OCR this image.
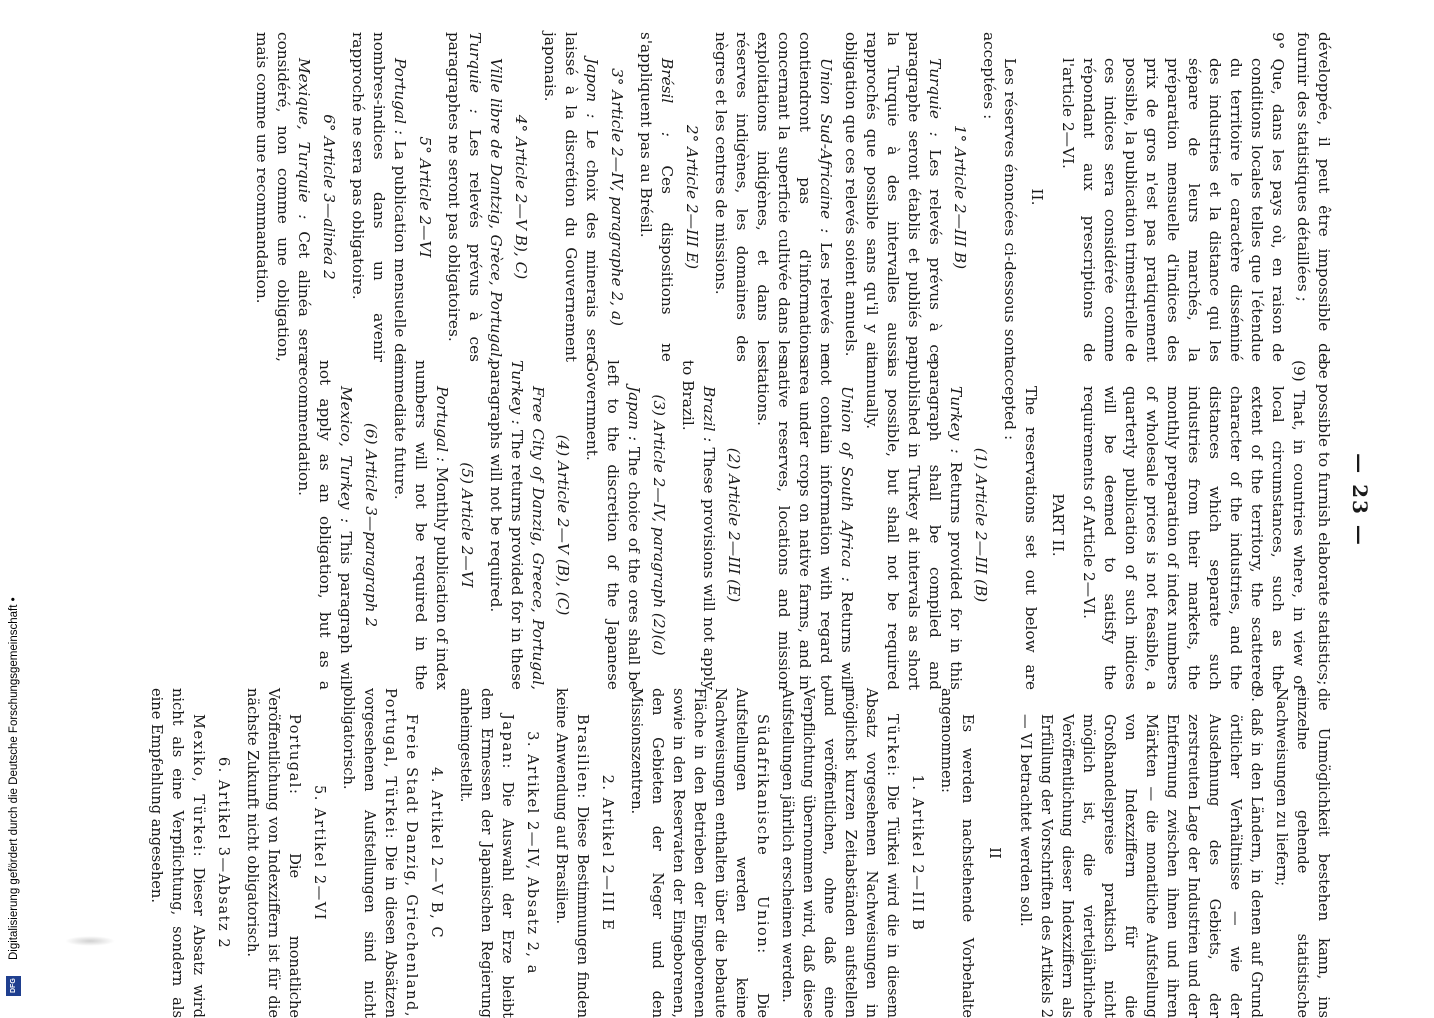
— 23 —

développée, il peut être impossible de fournir des statistiques détaillées ;

9° Que, dans les pays où, en raison de conditions locales telles que l'étendue du territoire le caractère disséminé des industries et la distance qui les sépare de leurs marchés, la préparation mensuelle d'indices des prix de gros n'est pas pratiquement possible, la publication trimestrielle de ces indices sera considérée comme répondant aux prescriptions de l'article 2—VI.

II.

Les réserves énoncées ci-dessous sont acceptées :

1° Article 2—III B)

Turquie : Les relevés prévus à ce paragraphe seront établis et publiés par la Turquie à des intervalles aussi rapprochés que possible sans qu'il y ait obligation que ces relevés soient annuels.

Union Sud-Africaine : Les relevés ne contiendront pas d'informations concernant la superficie cultivée dans les exploitations indigènes, et dans les réserves indigènes, les domaines des nègres et les centres de missions.

2° Article 2—III E)

Brésil : Ces dispositions ne s'appliquent pas au Brésil.

3° Article 2—IV, paragraphe 2, a)

Japon : Le choix des minerais sera laissé à la discrétion du Gouvernement japonais.

4° Article 2—V B), C)

Ville libre de Dantzig, Grèce, Portugal, Turquie : Les relevés prévus à ces paragraphes ne seront pas obligatoires.

5° Article 2—VI

Portugal : La publication mensuelle de nombres-indices dans un avenir rapproché ne sera pas obligatoire.

6° Article 3—alinéa 2

Mexique, Turquie : Cet alinéa sera considéré, non comme une obligation, mais comme une recommandation.

be possible to furnish elaborate statistics;

(9) That, in countries where, in view of local circumstances, such as the extent of the territory, the scattered character of the industries, and the distances which separate such industries from their markets, the monthly preparation of index numbers of wholesale prices is not feasible, a quarterly publication of such indices will be deemed to satisfy the requirements of Article 2—VI.

PART II.

The reservations set out below are accepted :

(1) Article 2—III (B)

Turkey : Returns provided for in this paragraph shall be compiled and published in Turkey at intervals as short as possible, but shall not be required annually.

Union of South Africa : Returns will not contain information with regard to area under crops on native farms, and in native reserves, locations and mission stations.

(2) Article 2—III (E)

Brazil : These provisions will not apply to Brazil.

(3) Article 2—IV, paragraph (2)(a)

Japan : The choice of the ores shall be left to the discretion of the Japanese Government.

(4) Article 2—V (B), (C)

Free City of Danzig, Greece, Portugal, Turkey : The returns provided for in these paragraphs will not be required.

(5) Article 2—VI

Portugal : Monthly publication of index numbers will not be required in the immediate future.

(6) Article 3—paragraph 2

Mexico, Turkey : This paragraph will not apply as an obligation, but as a recommendation.

die Unmöglichkeit bestehen kann, ins einzelne gehende statistische Nachweisungen zu liefern;

9. daß in den Ländern, in denen auf Grund örtlicher Verhältnisse — wie der Ausdehnung des Gebiets, der zerstreuten Lage der Industrien und der Entfernung zwischen ihnen und ihren Märkten — die monatliche Aufstellung von Indexziffern für die Großhandelspreise praktisch nicht möglich ist, die vierteljährliche Veröffentlichung dieser Indexziffern als Erfüllung der Vorschriften des Artikels 2 — VI betrachtet werden soll.

II

Es werden nachstehende Vorbehalte angenommen:

1. Artikel 2—III B

Türkei: Die Türkei wird die in diesem Absatz vorgesehenen Nachweisungen in möglichst kurzen Zeitabständen aufstellen und veröffentlichen, ohne daß eine Verpflichtung übernommen wird, daß diese Aufstellungen jährlich erscheinen werden.

Südafrikanische Union: Die Aufstellungen werden keine Nachweisungen enthalten über die bebaute Fläche in den Betrieben der Eingeborenen sowie in den Reservaten der Eingeborenen, den Gebieten der Neger und den Missionszentren.

2. Artikel 2—III E

Brasilien: Diese Bestimmungen finden keine Anwendung auf Brasilien.

3. Artikel 2—IV, Absatz 2, a

Japan: Die Auswahl der Erze bleibt dem Ermessen der Japanischen Regierung anheimgestellt.

4. Artikel 2—V B, C

Freie Stadt Danzig, Griechenland, Portugal, Türkei: Die in diesen Absätzen vorgesehenen Aufstellungen sind nicht obligatorisch.

5. Artikel 2—VI

Portugal: Die monatliche Veröffentlichung von Indexziffern ist für die nächste Zukunft nicht obligatorisch.

6. Artikel 3—Absatz 2

Mexiko, Türkei: Dieser Absatz wird nicht als eine Verpflichtung, sondern als eine Empfehlung angesehen.

Digitalisierung gefördert durch die Deutsche Forschungsgemeinschaft •
DFG
